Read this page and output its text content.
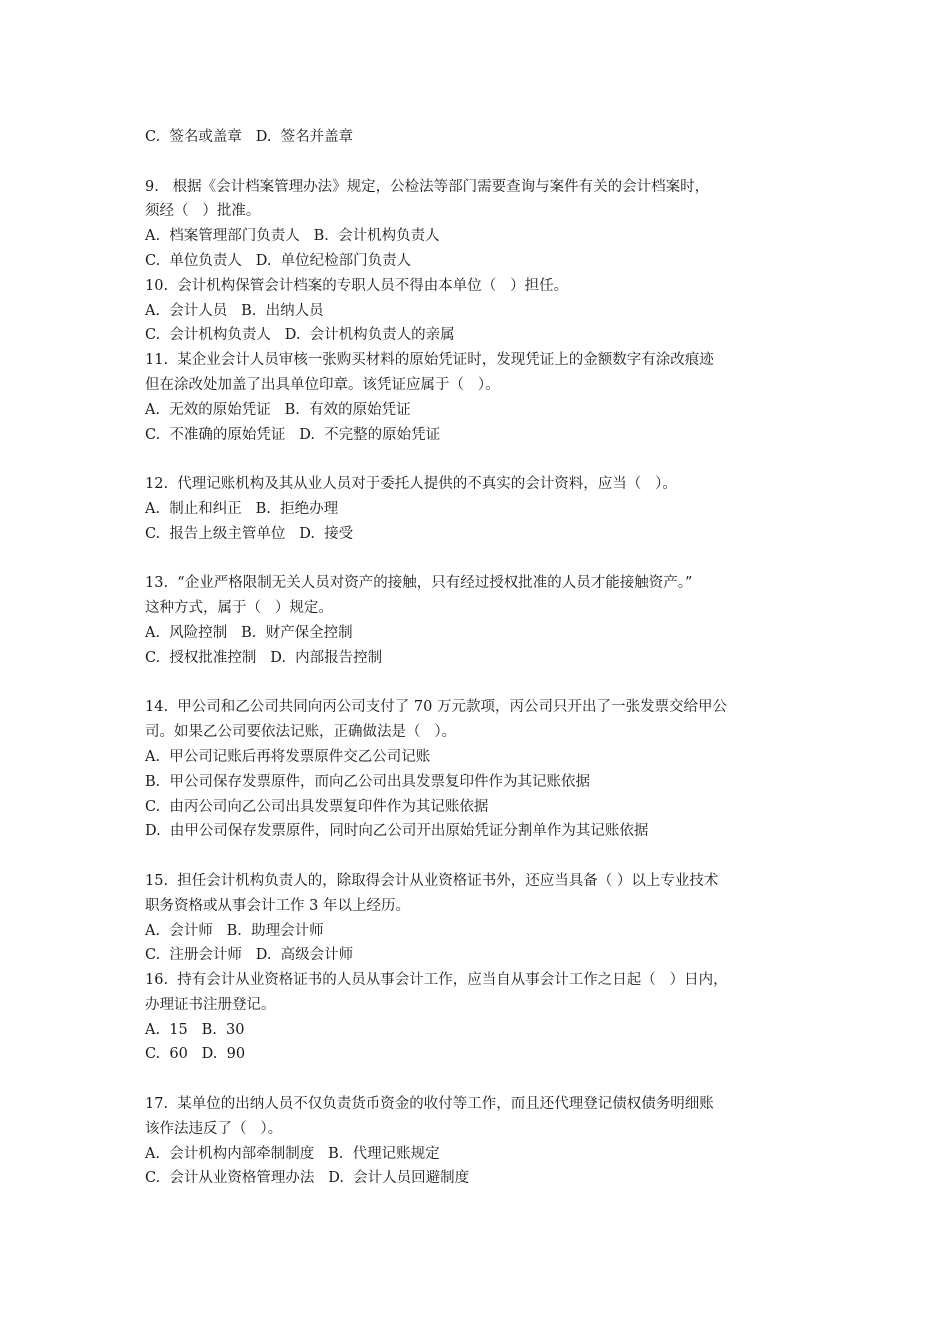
C.  签名或盖章   D.  签名并盖章
9.   根据《会计档案管理办法》规定，公检法等部门需要查询与案件有关的会计档案时，
须经（   ）批准。
A.  档案管理部门负责人   B.  会计机构负责人
C.  单位负责人   D.  单位纪检部门负责人
10.  会计机构保管会计档案的专职人员不得由本单位（   ）担任。
A.  会计人员   B.  出纳人员
C.  会计机构负责人   D.  会计机构负责人的亲属
11.  某企业会计人员审核一张购买材料的原始凭证时，发现凭证上的金额数字有涂改痕迹
但在涂改处加盖了出具单位印章。该凭证应属于（   ）。
A.  无效的原始凭证   B.  有效的原始凭证
C.  不准确的原始凭证   D.  不完整的原始凭证
12.  代理记账机构及其从业人员对于委托人提供的不真实的会计资料，应当（   ）。
A.  制止和纠正   B.  拒绝办理
C.  报告上级主管单位   D.  接受
13.  “企业严格限制无关人员对资产的接触，只有经过授权批准的人员才能接触资产。”
这种方式，属于（   ）规定。
A.  风险控制   B.  财产保全控制
C.  授权批准控制   D.  内部报告控制
14.  甲公司和乙公司共同向丙公司支付了 70 万元款项，丙公司只开出了一张发票交给甲公
司。如果乙公司要依法记账，正确做法是（   ）。
A.  甲公司记账后再将发票原件交乙公司记账
B.  甲公司保存发票原件，而向乙公司出具发票复印件作为其记账依据
C.  由丙公司向乙公司出具发票复印件作为其记账依据
D.  由甲公司保存发票原件，同时向乙公司开出原始凭证分割单作为其记账依据
15.  担任会计机构负责人的，除取得会计从业资格证书外，还应当具备（ ）以上专业技术
职务资格或从事会计工作 3 年以上经历。
A.  会计师   B.  助理会计师
C.  注册会计师   D.  高级会计师
16.  持有会计从业资格证书的人员从事会计工作，应当自从事会计工作之日起（   ）日内，
办理证书注册登记。
A.  15   B.  30
C.  60   D.  90
17.  某单位的出纳人员不仅负责货币资金的收付等工作，而且还代理登记债权债务明细账
该作法违反了（   ）。
A.  会计机构内部牵制制度   B.  代理记账规定
C.  会计从业资格管理办法   D.  会计人员回避制度
